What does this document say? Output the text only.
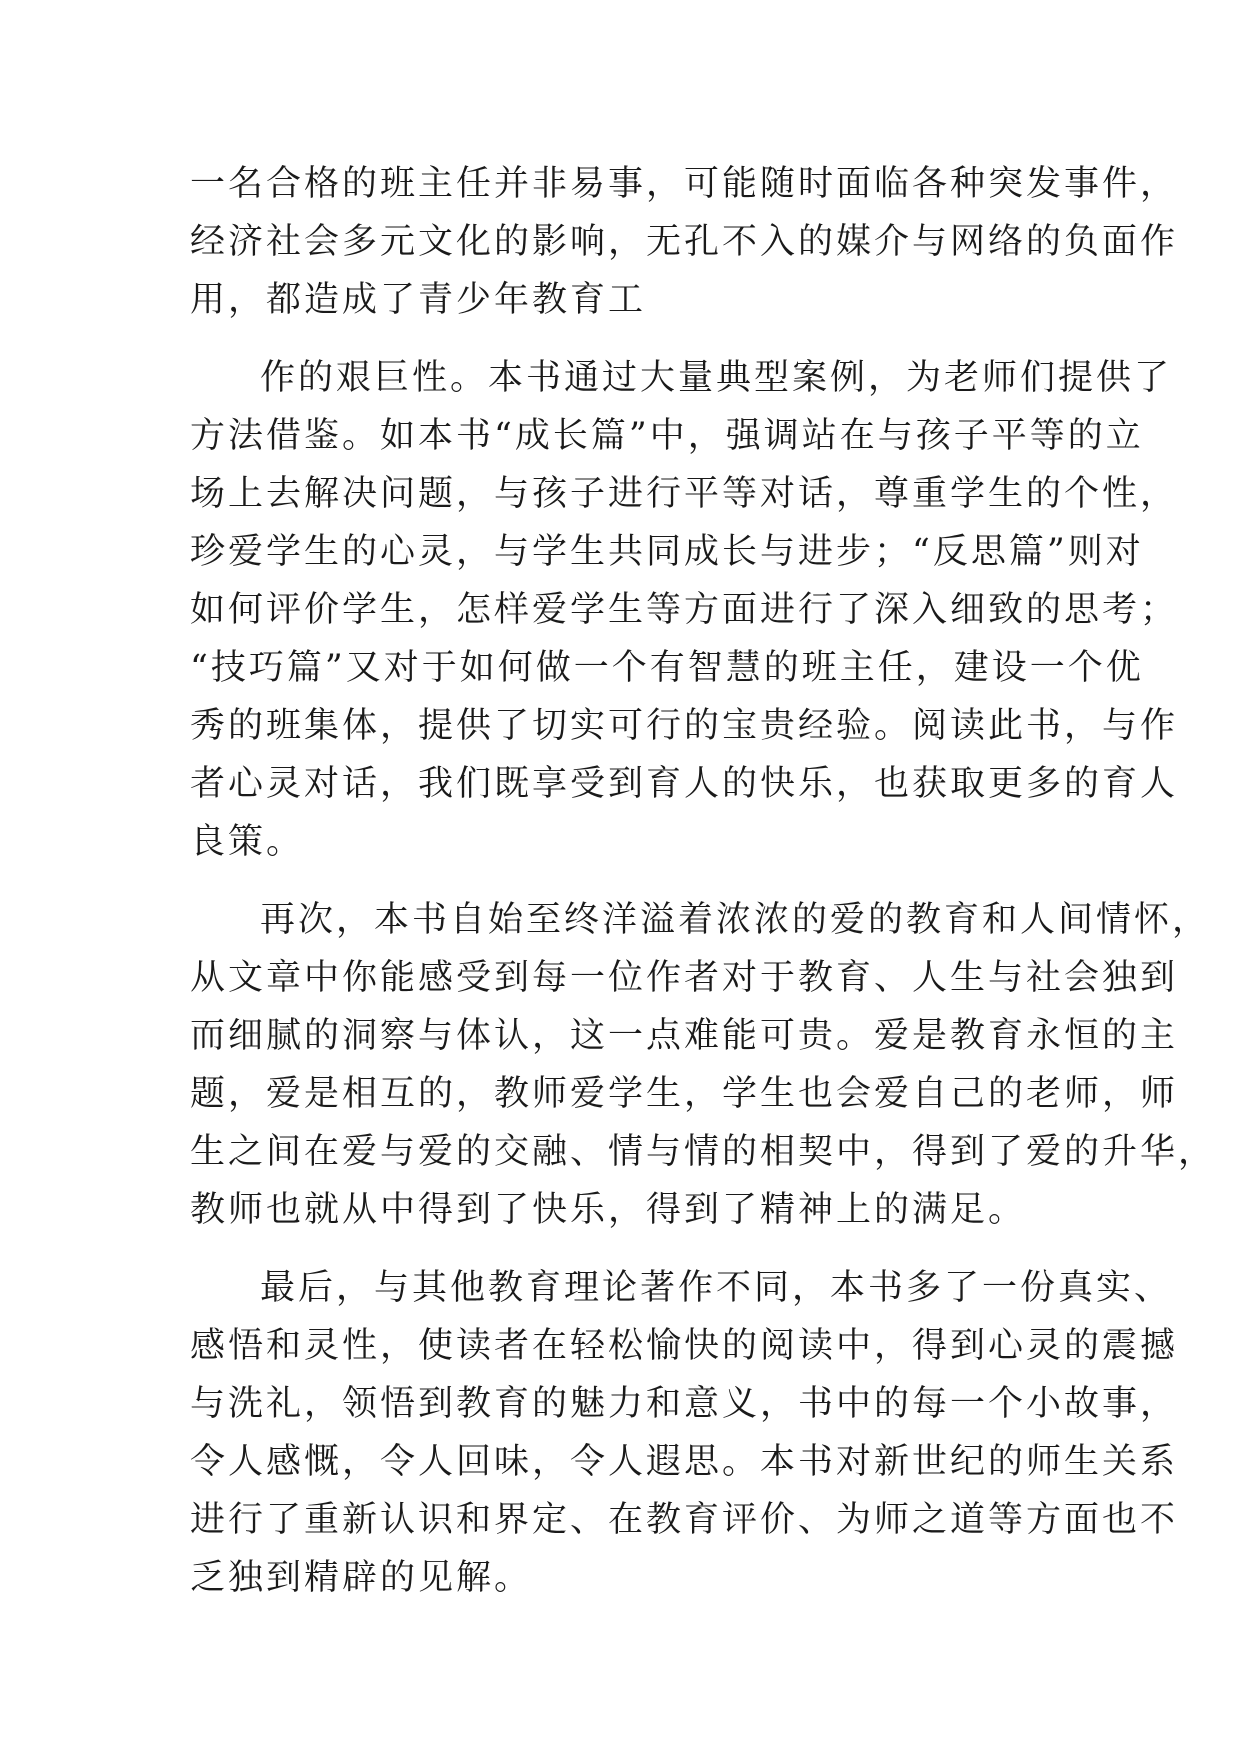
一名合格的班主任并非易事，可能随时面临各种突发事件，
经济社会多元文化的影响，无孔不入的媒介与网络的负面作
用，都造成了青少年教育工

作的艰巨性。本书通过大量典型案例，为老师们提供了
方法借鉴。如本书“成长篇”中，强调站在与孩子平等的立
场上去解决问题，与孩子进行平等对话，尊重学生的个性，
珍爱学生的心灵，与学生共同成长与进步；“反思篇”则对
如何评价学生，怎样爱学生等方面进行了深入细致的思考；
“技巧篇”又对于如何做一个有智慧的班主任，建设一个优
秀的班集体，提供了切实可行的宝贵经验。阅读此书，与作
者心灵对话，我们既享受到育人的快乐，也获取更多的育人
良策。

再次，本书自始至终洋溢着浓浓的爱的教育和人间情怀，
从文章中你能感受到每一位作者对于教育、人生与社会独到
而细腻的洞察与体认，这一点难能可贵。爱是教育永恒的主
题，爱是相互的，教师爱学生，学生也会爱自己的老师，师
生之间在爱与爱的交融、情与情的相契中，得到了爱的升华，
教师也就从中得到了快乐，得到了精神上的满足。

最后，与其他教育理论著作不同，本书多了一份真实、
感悟和灵性，使读者在轻松愉快的阅读中，得到心灵的震撼
与洗礼，领悟到教育的魅力和意义，书中的每一个小故事，
令人感慨，令人回味，令人遐思。本书对新世纪的师生关系
进行了重新认识和界定、在教育评价、为师之道等方面也不
乏独到精辟的见解。
